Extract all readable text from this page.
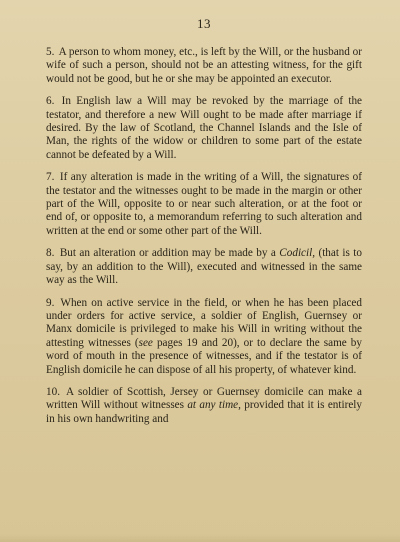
13

5. A person to whom money, etc., is left by the Will, or the husband or wife of such a person, should not be an attesting witness, for the gift would not be good, but he or she may be appointed an executor.

6. In English law a Will may be revoked by the marriage of the testator, and therefore a new Will ought to be made after marriage if desired. By the law of Scotland, the Channel Islands and the Isle of Man, the rights of the widow or children to some part of the estate cannot be defeated by a Will.

7. If any alteration is made in the writing of a Will, the signatures of the testator and the witnesses ought to be made in the margin or other part of the Will, opposite to or near such alteration, or at the foot or end of, or opposite to, a memorandum referring to such alteration and written at the end or some other part of the Will.

8. But an alteration or addition may be made by a Codicil, (that is to say, by an addition to the Will), executed and witnessed in the same way as the Will.

9. When on active service in the field, or when he has been placed under orders for active service, a soldier of English, Guernsey or Manx domicile is privileged to make his Will in writing without the attesting witnesses (see pages 19 and 20), or to declare the same by word of mouth in the presence of witnesses, and if the testator is of English domicile he can dispose of all his property, of whatever kind.

10. A soldier of Scottish, Jersey or Guernsey domicile can make a written Will without witnesses at any time, provided that it is entirely in his own handwriting and
